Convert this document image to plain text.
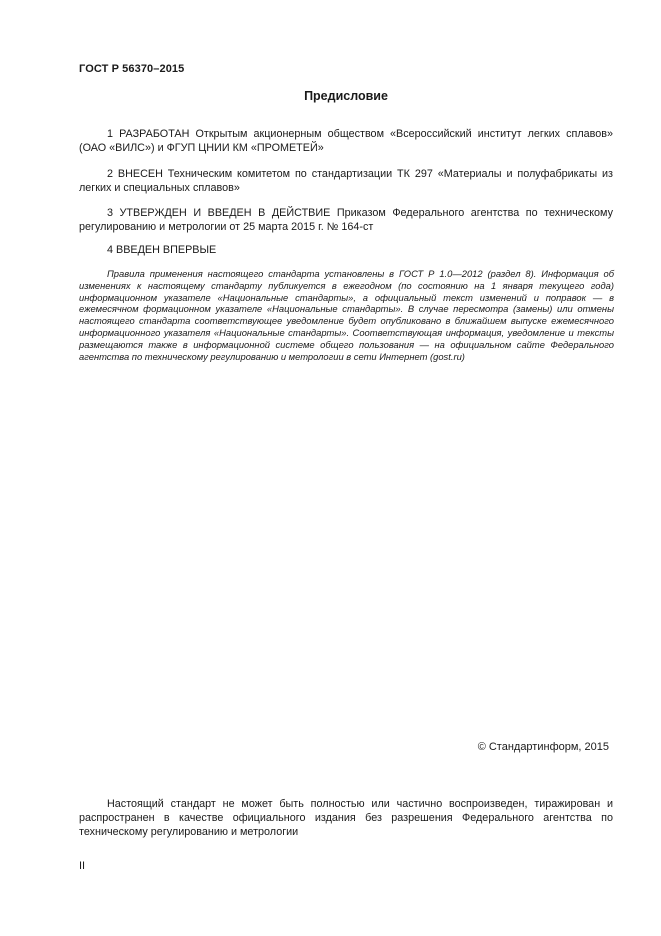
ГОСТ Р 56370–2015
Предисловие
1 РАЗРАБОТАН Открытым акционерным обществом «Всероссийский институт легких сплавов» (ОАО «ВИЛС») и ФГУП ЦНИИ КМ «ПРОМЕТЕЙ»
2 ВНЕСЕН Техническим комитетом по стандартизации ТК 297 «Материалы и полуфабрикаты из легких и специальных сплавов»
3 УТВЕРЖДЕН И ВВЕДЕН В ДЕЙСТВИЕ Приказом Федерального агентства по техническому регулированию и метрологии от 25 марта 2015 г. № 164-ст
4 ВВЕДЕН ВПЕРВЫЕ
Правила применения настоящего стандарта установлены в ГОСТ Р 1.0—2012 (раздел 8). Информация об изменениях к настоящему стандарту публикуется в ежегодном (по состоянию на 1 января текущего года) информационном указателе «Национальные стандарты», а официальный текст изменений и поправок — в ежемесячном формационном указателе «Национальные стандарты». В случае пересмотра (замены) или отмены настоящего стандарта соответствующее уведомление будет опубликовано в ближайшем выпуске ежемесячного информационного указателя «Национальные стандарты». Соответствующая информация, уведомление и тексты размещаются также в информационной системе общего пользования — на официальном сайте Федерального агентства по техническому регулированию и метрологии в сети Интернет (gost.ru)
© Стандартинформ, 2015
Настоящий стандарт не может быть полностью или частично воспроизведен, тиражирован и распространен в качестве официального издания без разрешения Федерального агентства по техническому регулированию и метрологии
II
